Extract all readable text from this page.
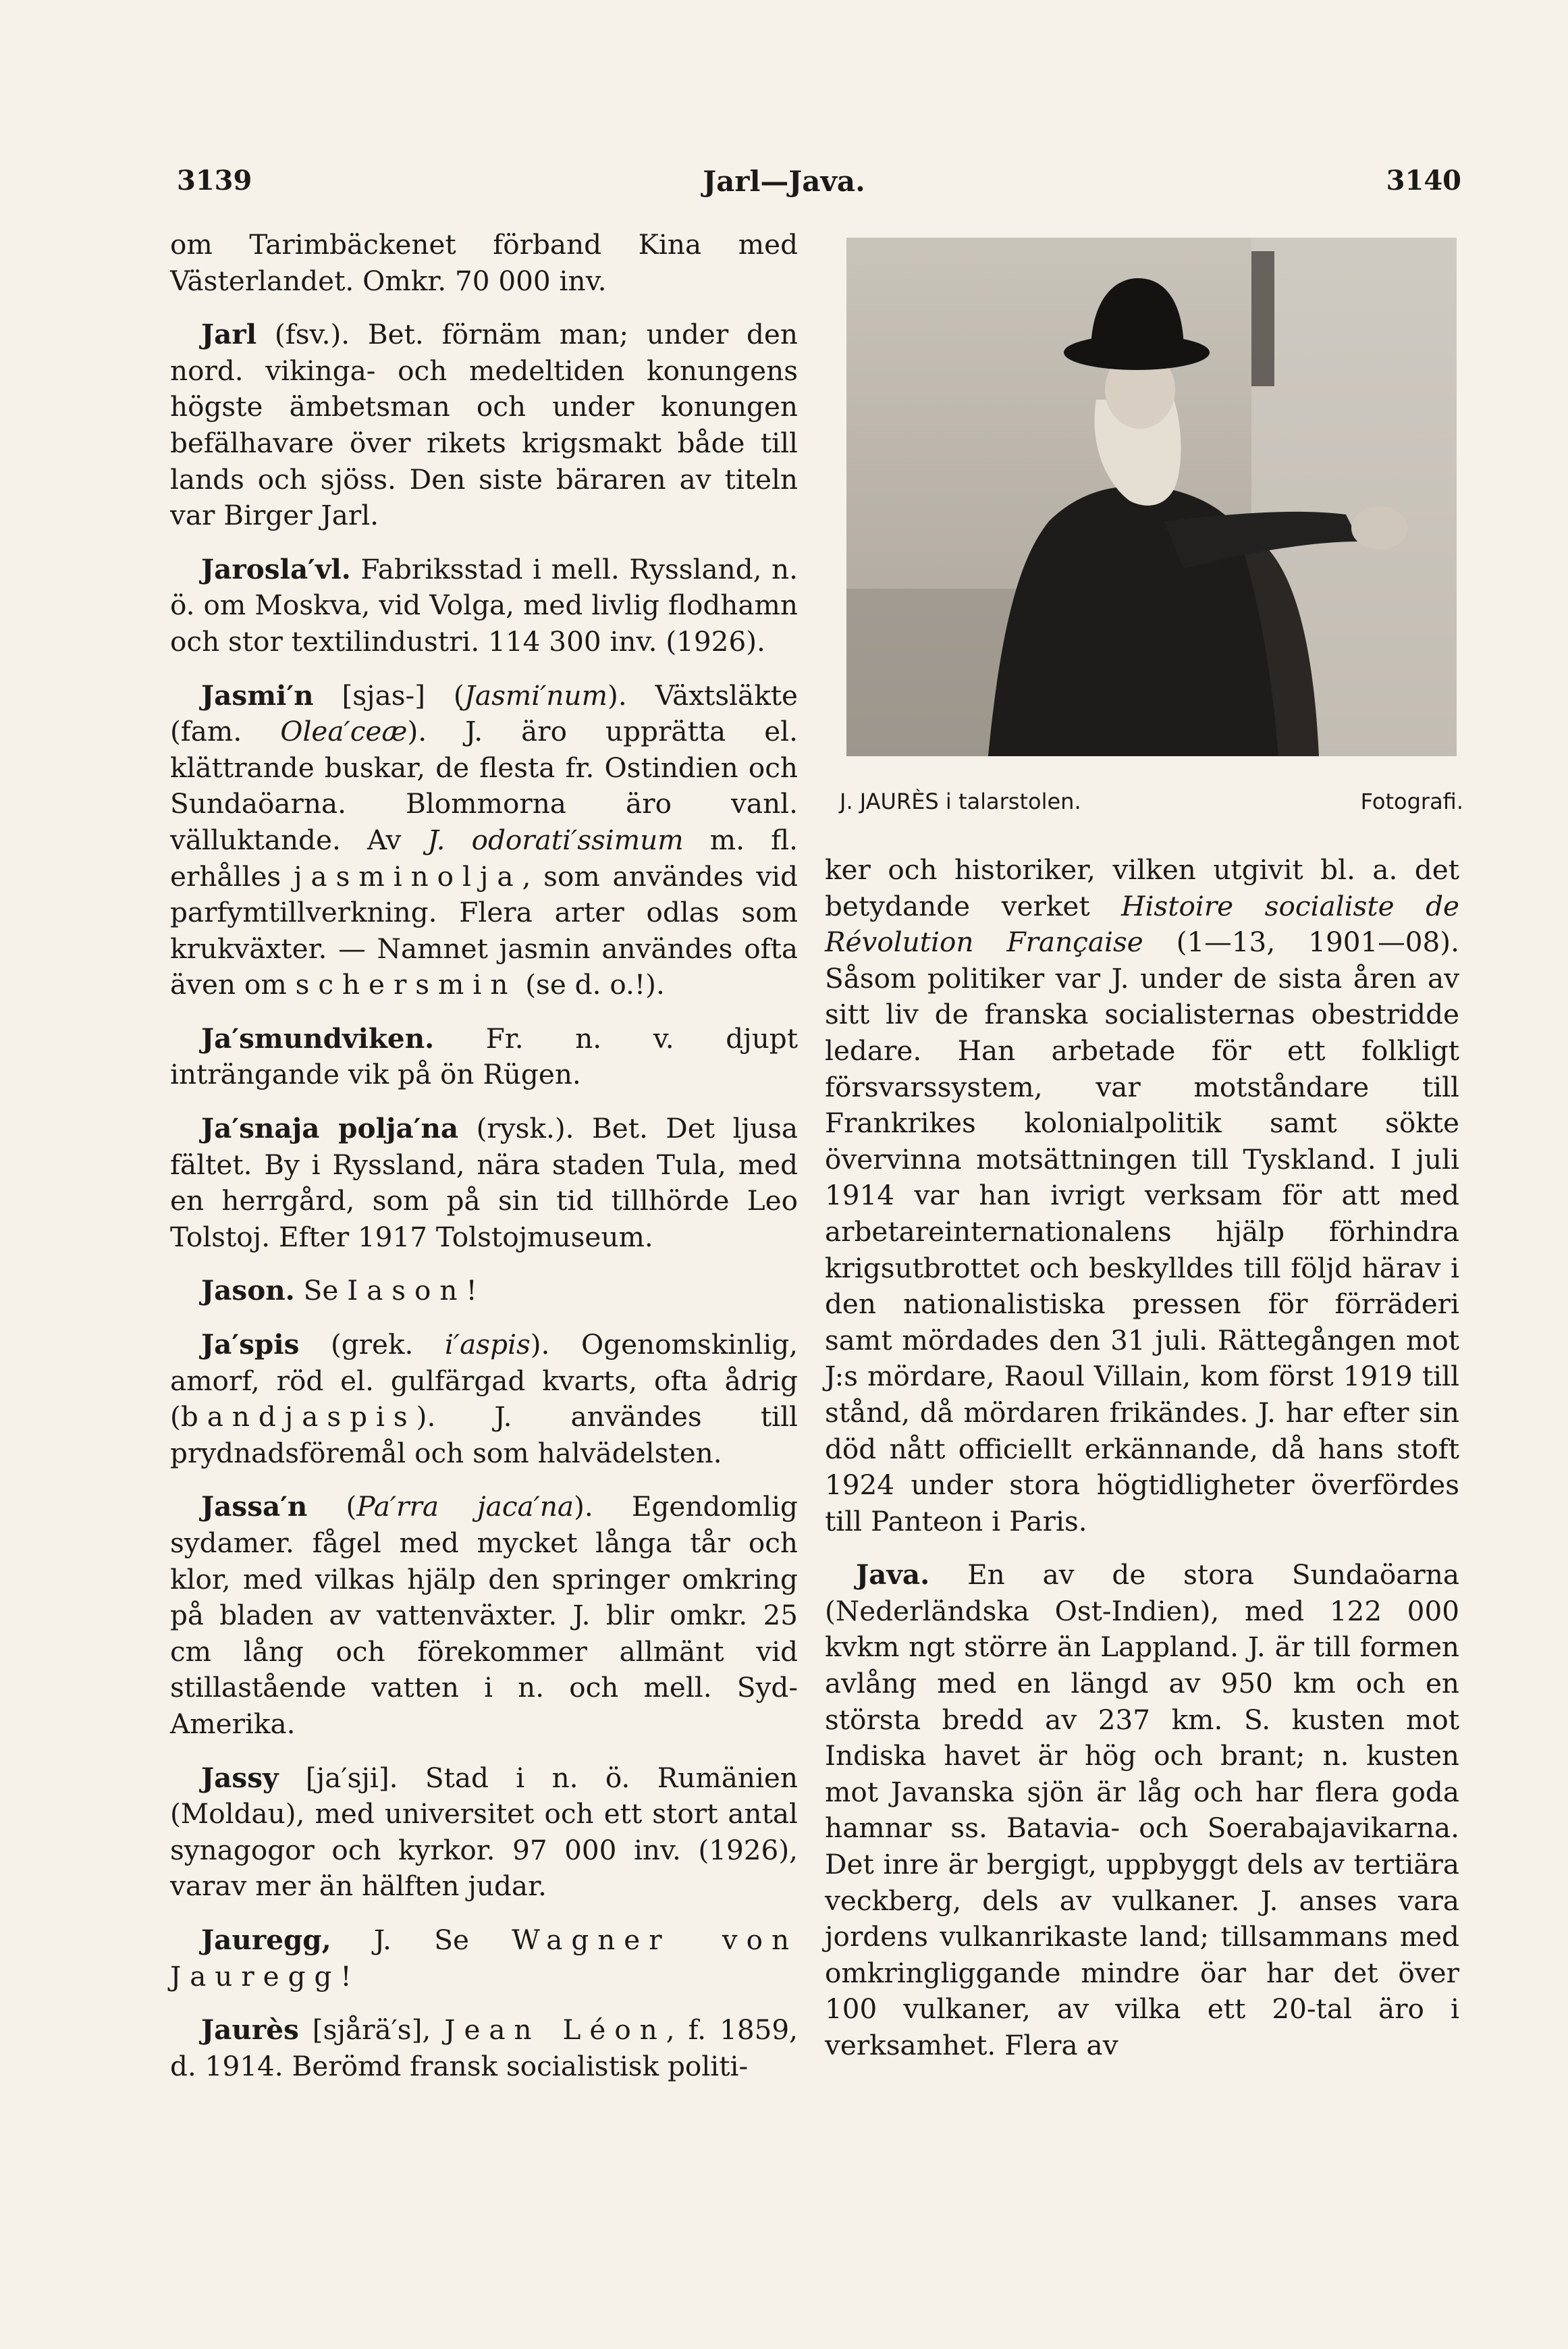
3139	Jarl—Java.	3140

om Tarimbäckenet förband Kina med Västerlandet. Omkr. 70 000 inv.

Jarl (fsv.). Bet. förnäm man; under den nord. vikinga- och medeltiden konungens högste ämbetsman och under konungen befälhavare över rikets krigsmakt både till lands och sjöss. Den siste bäraren av titeln var Birger Jarl.

Jarosla′vl. Fabriksstad i mell. Ryssland, n. ö. om Moskva, vid Volga, med livlig flodhamn och stor textilindustri. 114 300 inv. (1926).

Jasmi′n [sjas-] (Jasmi′num). Växtsläkte (fam. Olea′ceæ). J. äro upprätta el. klättrande buskar, de flesta fr. Ostindien och Sundaöarna. Blommorna äro vanl. välluktande. Av J. odorati′ssimum m. fl. erhålles jasminolja, som användes vid parfymtillverkning. Flera arter odlas som krukväxter. — Namnet jasmin användes ofta även om schersmin (se d. o.!).

Ja′smundviken. Fr. n. v. djupt inträngande vik på ön Rügen.

Ja′snaja polja′na (rysk.). Bet. Det ljusa fältet. By i Ryssland, nära staden Tula, med en herrgård, som på sin tid tillhörde Leo Tolstoj. Efter 1917 Tolstojmuseum.

Jason. Se Iason!

Ja′spis (grek. i′aspis). Ogenomskinlig, amorf, röd el. gulfärgad kvarts, ofta ådrig (bandjaspis). J. användes till prydnadsföremål och som halvädelsten.

Jassa′n (Pa′rra jaca′na). Egendomlig sydamer. fågel med mycket långa tår och klor, med vilkas hjälp den springer omkring på bladen av vattenväxter. J. blir omkr. 25 cm lång och förekommer allmänt vid stillastående vatten i n. och mell. Syd-Amerika.

Jassy [ja′sji]. Stad i n. ö. Rumänien (Moldau), med universitet och ett stort antal synagogor och kyrkor. 97 000 inv. (1926), varav mer än hälften judar.

Jauregg, J. Se Wagner von Jauregg!

Jaurès [sjårä′s], Jean Léon, f. 1859, d. 1914. Berömd fransk socialistisk politi-

J. JAURÈS i talarstolen.	Fotografi.

ker och historiker, vilken utgivit bl. a. det betydande verket Histoire socialiste de Révolution Française (1—13, 1901—08). Såsom politiker var J. under de sista åren av sitt liv de franska socialisternas obestridde ledare. Han arbetade för ett folkligt försvarssystem, var motståndare till Frankrikes kolonialpolitik samt sökte övervinna motsättningen till Tyskland. I juli 1914 var han ivrigt verksam för att med arbetareinternationalens hjälp förhindra krigsutbrottet och beskylldes till följd härav i den nationalistiska pressen för förräderi samt mördades den 31 juli. Rättegången mot J:s mördare, Raoul Villain, kom först 1919 till stånd, då mördaren frikändes. J. har efter sin död nått officiellt erkännande, då hans stoft 1924 under stora högtidligheter överfördes till Panteon i Paris.

Java. En av de stora Sundaöarna (Nederländska Ost-Indien), med 122 000 kvkm ngt större än Lappland. J. är till formen avlång med en längd av 950 km och en största bredd av 237 km. S. kusten mot Indiska havet är hög och brant; n. kusten mot Javanska sjön är låg och har flera goda hamnar ss. Batavia- och Soerabajavikarna. Det inre är bergigt, uppbyggt dels av tertiära veckberg, dels av vulkaner. J. anses vara jordens vulkanrikaste land; tillsammans med omkringliggande mindre öar har det över 100 vulkaner, av vilka ett 20-tal äro i verksamhet. Flera av
